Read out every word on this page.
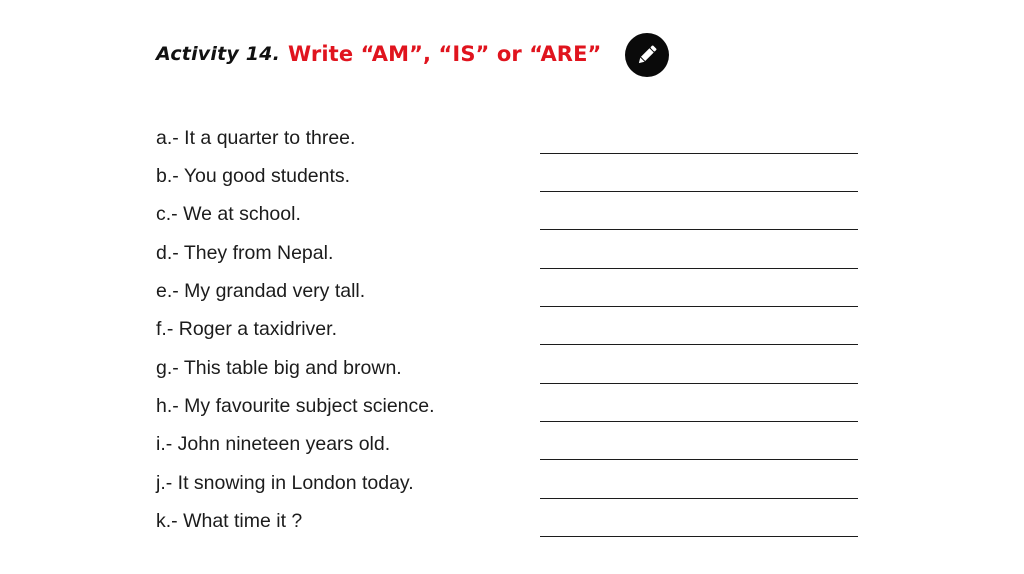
Activity 14. Write “AM”, “IS” or “ARE”
a.- It a quarter to three.
b.- You good students.
c.- We at school.
d.- They from Nepal.
e.- My grandad very tall.
f.- Roger a taxidriver.
g.- This table big and brown.
h.- My favourite subject science.
i.- John nineteen years old.
j.- It snowing in London today.
k.- What time it ?
